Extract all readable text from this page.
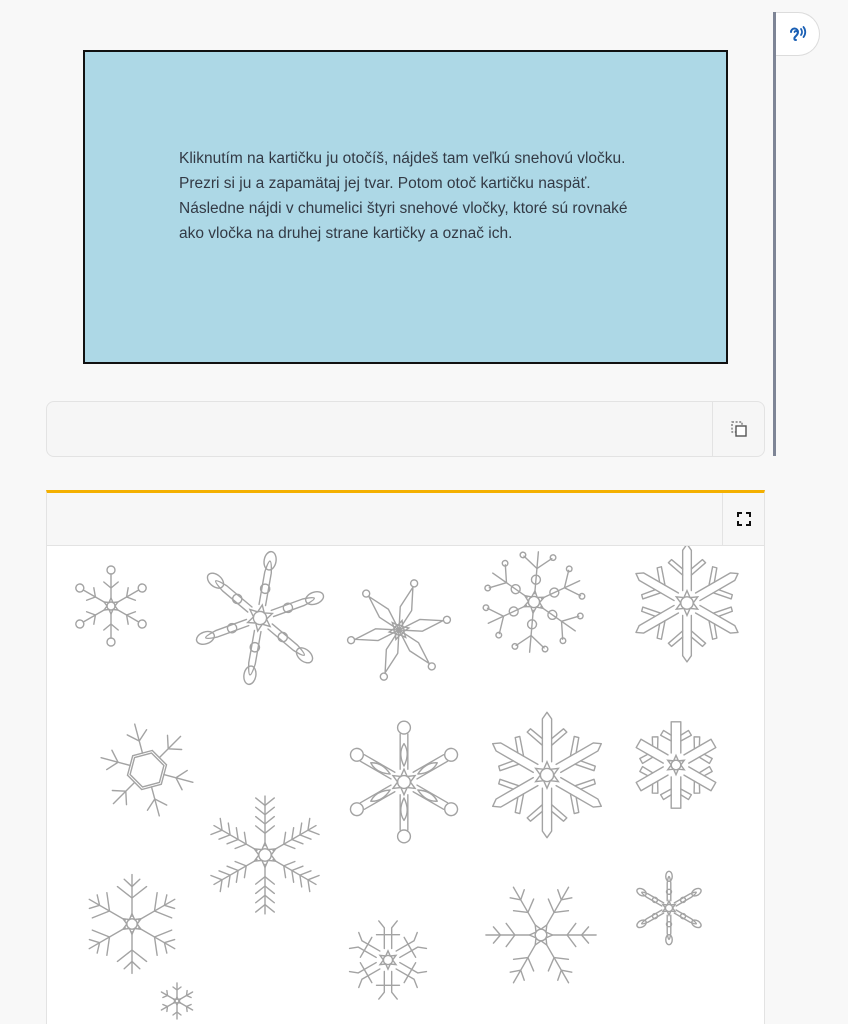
Kliknutím na kartičku ju otočíš, nájdeš tam veľkú snehovú vločku. Prezri si ju a zapamätaj jej tvar. Potom otoč kartičku naspäť. Následne nájdi v chumelici štyri snehové vločky, ktoré sú rovnaké ako vločka na druhej strane kartičky a označ ich.
